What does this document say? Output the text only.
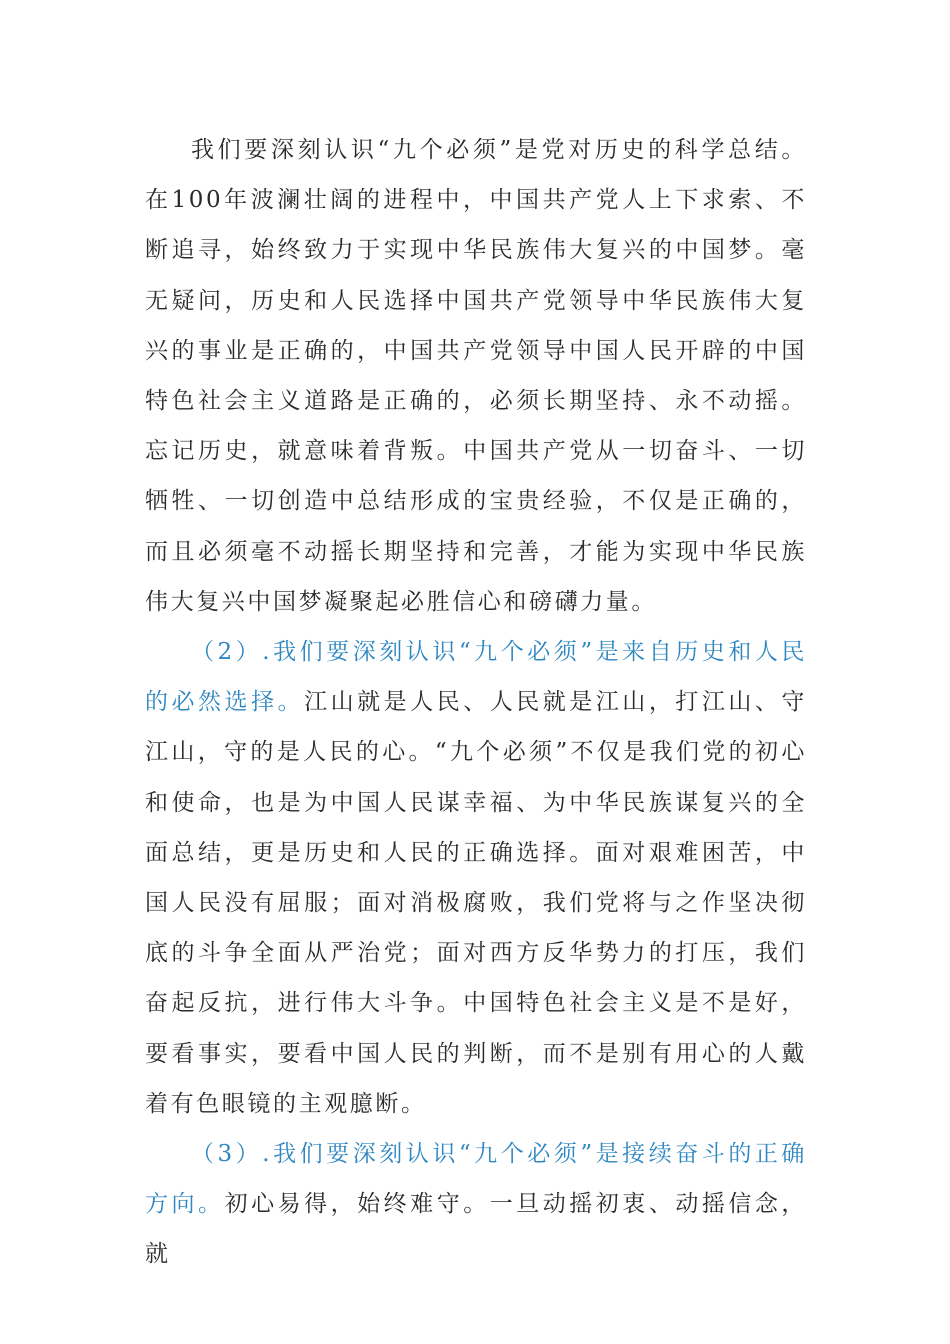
我们要深刻认识“九个必须”是党对历史的科学总结。在100年波澜壮阔的进程中，中国共产党人上下求索、不断追寻，始终致力于实现中华民族伟大复兴的中国梦。毫无疑问，历史和人民选择中国共产党领导中华民族伟大复兴的事业是正确的，中国共产党领导中国人民开辟的中国特色社会主义道路是正确的，必须长期坚持、永不动摇。忘记历史，就意味着背叛。中国共产党从一切奋斗、一切牺牲、一切创造中总结形成的宝贵经验，不仅是正确的，而且必须毫不动摇长期坚持和完善，才能为实现中华民族伟大复兴中国梦凝聚起必胜信心和磅礴力量。

（2）.我们要深刻认识“九个必须”是来自历史和人民的必然选择。江山就是人民、人民就是江山，打江山、守江山，守的是人民的心。“九个必须”不仅是我们党的初心和使命，也是为中国人民谋幸福、为中华民族谋复兴的全面总结，更是历史和人民的正确选择。面对艰难困苦，中国人民没有屈服；面对消极腐败，我们党将与之作坚决彻底的斗争全面从严治党；面对西方反华势力的打压，我们奋起反抗，进行伟大斗争。中国特色社会主义是不是好，要看事实，要看中国人民的判断，而不是别有用心的人戴着有色眼镜的主观臆断。

（3）.我们要深刻认识“九个必须”是接续奋斗的正确方向。初心易得，始终难守。一旦动摇初衷、动摇信念，就
